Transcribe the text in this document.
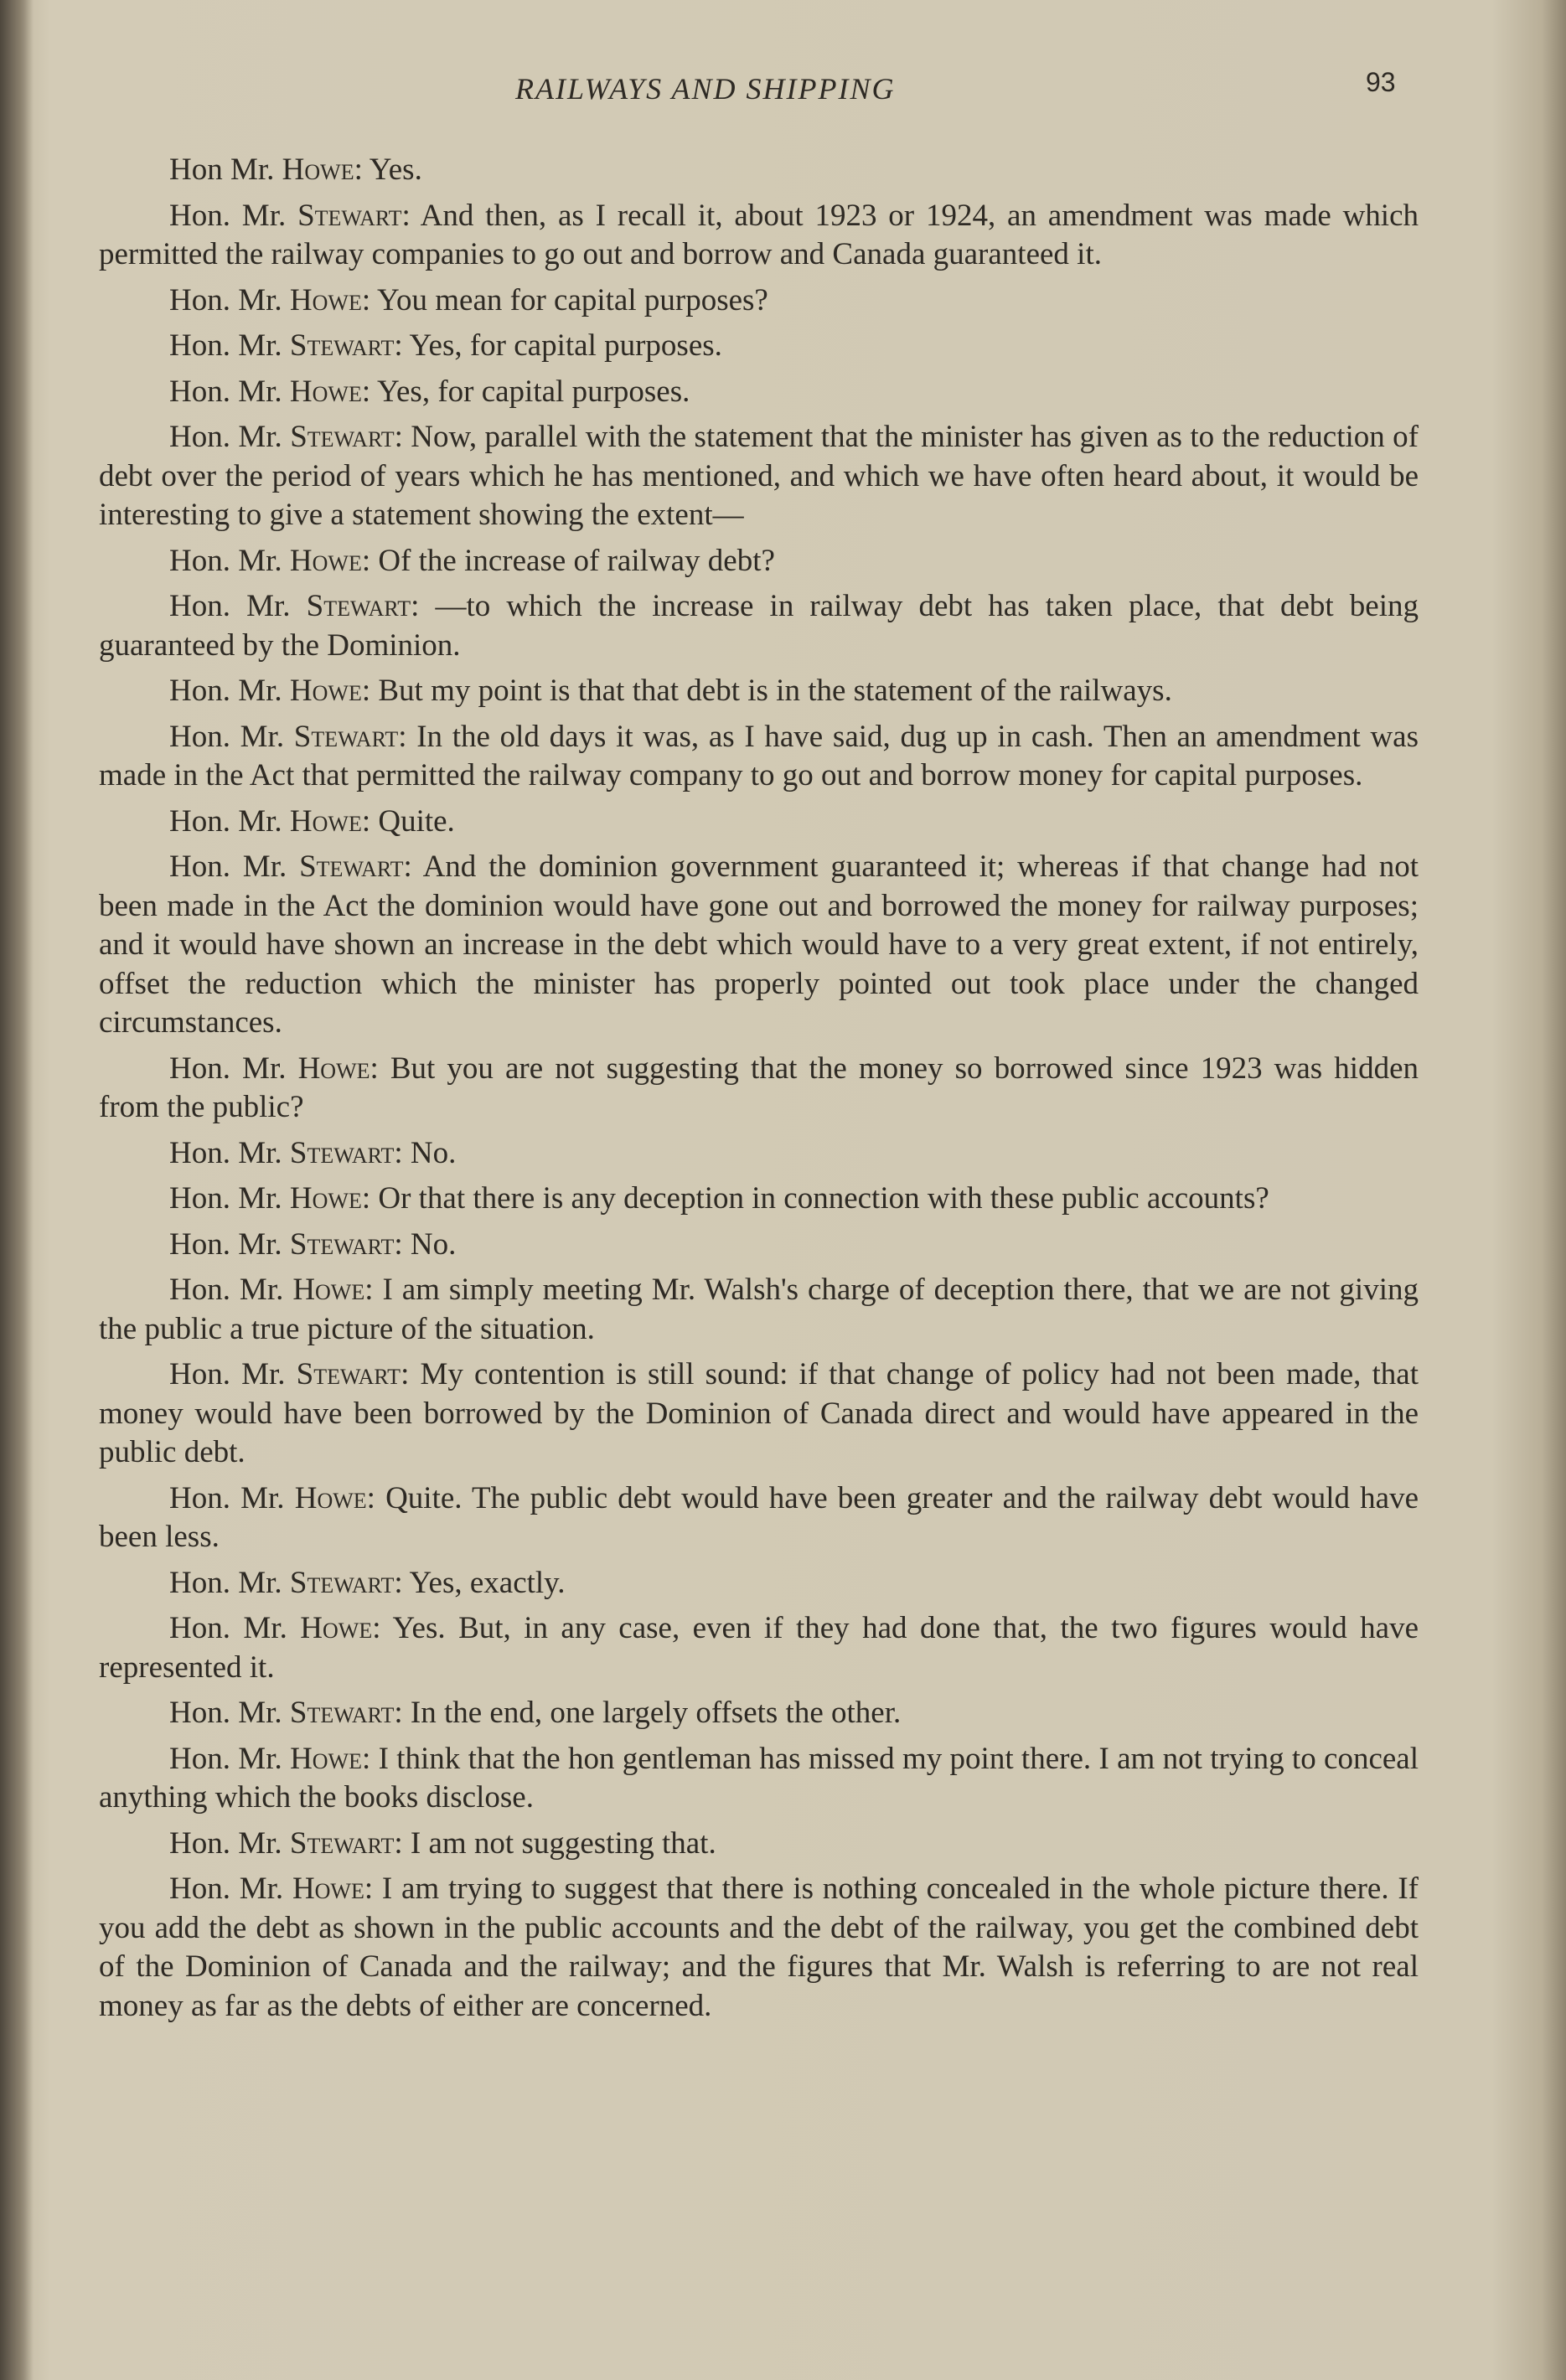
RAILWAYS AND SHIPPING	93

Hon Mr. Howe: Yes.

Hon. Mr. Stewart: And then, as I recall it, about 1923 or 1924, an amendment was made which permitted the railway companies to go out and borrow and Canada guaranteed it.

Hon. Mr. Howe: You mean for capital purposes?

Hon. Mr. Stewart: Yes, for capital purposes.

Hon. Mr. Howe: Yes, for capital purposes.

Hon. Mr. Stewart: Now, parallel with the statement that the minister has given as to the reduction of debt over the period of years which he has mentioned, and which we have often heard about, it would be interesting to give a statement showing the extent—

Hon. Mr. Howe: Of the increase of railway debt?

Hon. Mr. Stewart: —to which the increase in railway debt has taken place, that debt being guaranteed by the Dominion.

Hon. Mr. Howe: But my point is that that debt is in the statement of the railways.

Hon. Mr. Stewart: In the old days it was, as I have said, dug up in cash. Then an amendment was made in the Act that permitted the railway company to go out and borrow money for capital purposes.

Hon. Mr. Howe: Quite.

Hon. Mr. Stewart: And the dominion government guaranteed it; whereas if that change had not been made in the Act the dominion would have gone out and borrowed the money for railway purposes; and it would have shown an increase in the debt which would have to a very great extent, if not entirely, offset the reduction which the minister has properly pointed out took place under the changed circumstances.

Hon. Mr. Howe: But you are not suggesting that the money so borrowed since 1923 was hidden from the public?

Hon. Mr. Stewart: No.

Hon. Mr. Howe: Or that there is any deception in connection with these public accounts?

Hon. Mr. Stewart: No.

Hon. Mr. Howe: I am simply meeting Mr. Walsh's charge of deception there, that we are not giving the public a true picture of the situation.

Hon. Mr. Stewart: My contention is still sound: if that change of policy had not been made, that money would have been borrowed by the Dominion of Canada direct and would have appeared in the public debt.

Hon. Mr. Howe: Quite. The public debt would have been greater and the railway debt would have been less.

Hon. Mr. Stewart: Yes, exactly.

Hon. Mr. Howe: Yes. But, in any case, even if they had done that, the two figures would have represented it.

Hon. Mr. Stewart: In the end, one largely offsets the other.

Hon. Mr. Howe: I think that the hon gentleman has missed my point there. I am not trying to conceal anything which the books disclose.

Hon. Mr. Stewart: I am not suggesting that.

Hon. Mr. Howe: I am trying to suggest that there is nothing concealed in the whole picture there. If you add the debt as shown in the public accounts and the debt of the railway, you get the combined debt of the Dominion of Canada and the railway; and the figures that Mr. Walsh is referring to are not real money as far as the debts of either are concerned.
